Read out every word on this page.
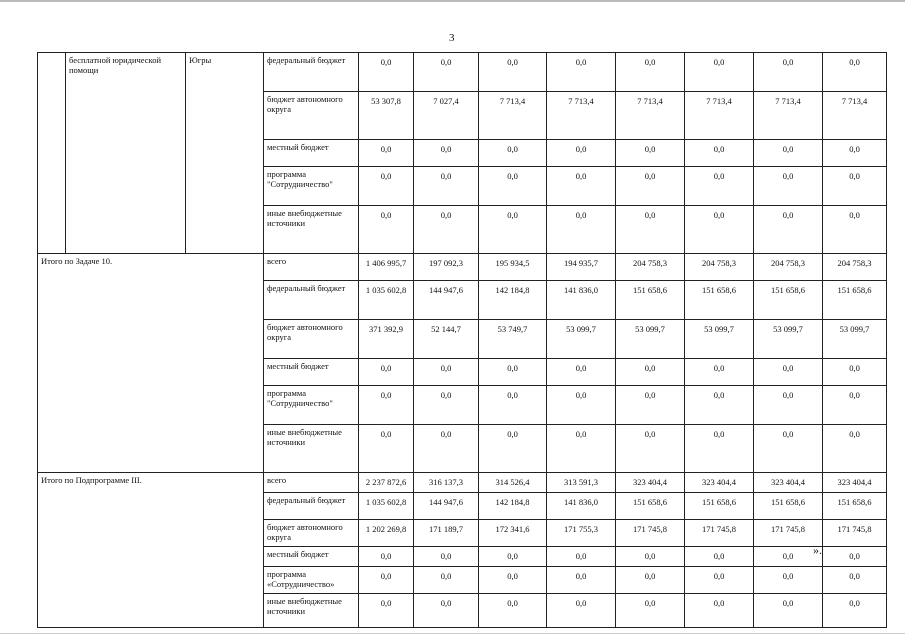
3
	бесплатной юридической помощи	Югры	федеральный бюджет	0,0	0,0	0,0	0,0	0,0	0,0	0,0	0,0
			бюджет автономного округа	53 307,8	7 027,4	7 713,4	7 713,4	7 713,4	7 713,4	7 713,4	7 713,4
			местный бюджет	0,0	0,0	0,0	0,0	0,0	0,0	0,0	0,0
			программа "Сотрудничество"	0,0	0,0	0,0	0,0	0,0	0,0	0,0	0,0
			иные внебюджетные источники	0,0	0,0	0,0	0,0	0,0	0,0	0,0	0,0
Итого по Задаче 10.			всего	1 406 995,7	197 092,3	195 934,5	194 935,7	204 758,3	204 758,3	204 758,3	204 758,3
			федеральный бюджет	1 035 602,8	144 947,6	142 184,8	141 836,0	151 658,6	151 658,6	151 658,6	151 658,6
			бюджет автономного округа	371 392,9	52 144,7	53 749,7	53 099,7	53 099,7	53 099,7	53 099,7	53 099,7
			местный бюджет	0,0	0,0	0,0	0,0	0,0	0,0	0,0	0,0
			программа "Сотрудничество"	0,0	0,0	0,0	0,0	0,0	0,0	0,0	0,0
			иные внебюджетные источники	0,0	0,0	0,0	0,0	0,0	0,0	0,0	0,0
Итого по Подпрограмме III.			всего	2 237 872,6	316 137,3	314 526,4	313 591,3	323 404,4	323 404,4	323 404,4	323 404,4
			федеральный бюджет	1 035 602,8	144 947,6	142 184,8	141 836,0	151 658,6	151 658,6	151 658,6	151 658,6
			бюджет автономного округа	1 202 269,8	171 189,7	172 341,6	171 755,3	171 745,8	171 745,8	171 745,8	171 745,8
			местный бюджет	0,0	0,0	0,0	0,0	0,0	0,0	0,0	0,0
			программа «Сотрудничество»	0,0	0,0	0,0	0,0	0,0	0,0	0,0	0,0
			иные внебюджетные источники	0,0	0,0	0,0	0,0	0,0	0,0	0,0	0,0
».
